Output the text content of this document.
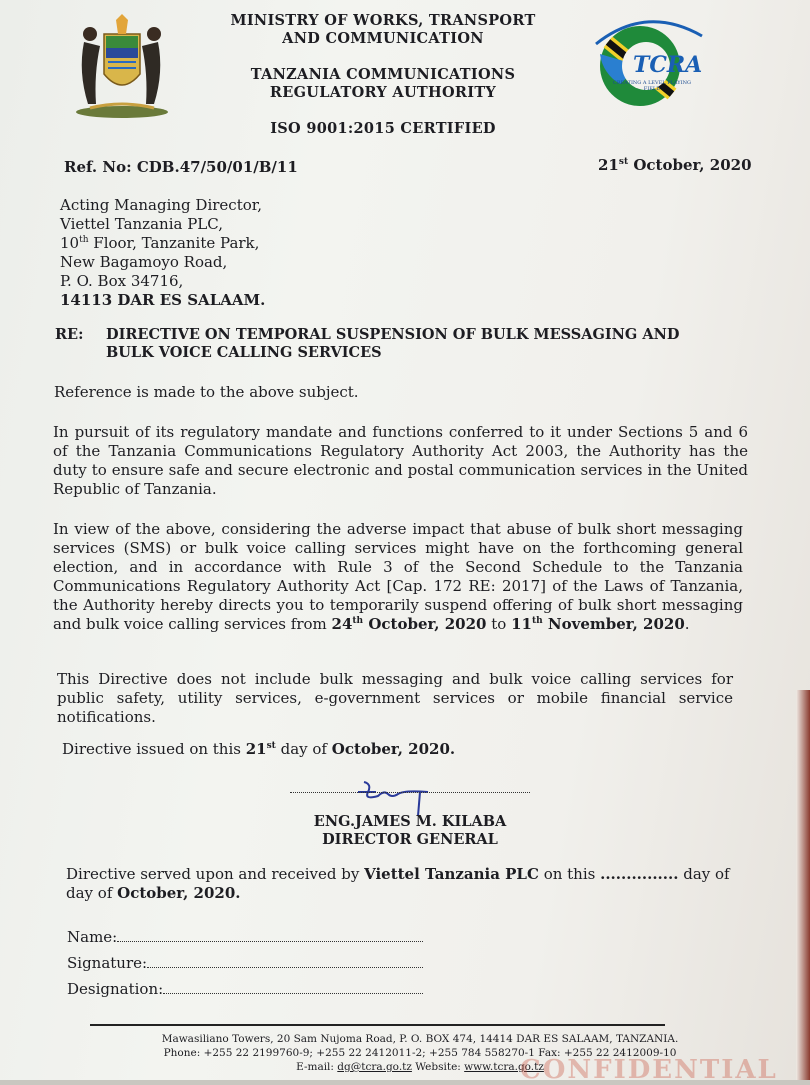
TCRA
CREATING A LEVEL PLAYING FIELD
MINISTRY OF WORKS, TRANSPORT
AND COMMUNICATION
TANZANIA COMMUNICATIONS
REGULATORY AUTHORITY
ISO 9001:2015 CERTIFIED
Ref. No: CDB.47/50/01/B/11	21st October, 2020
Acting Managing Director,
Viettel Tanzania PLC,
10th Floor, Tanzanite Park,
New Bagamoyo Road,
P. O. Box 34716,
14113 DAR ES SALAAM.
RE: DIRECTIVE ON TEMPORAL SUSPENSION OF BULK MESSAGING AND
BULK VOICE CALLING SERVICES
Reference is made to the above subject.
In pursuit of its regulatory mandate and functions conferred to it under Sections 5 and 6 of the Tanzania Communications Regulatory Authority Act 2003, the Authority has the duty to ensure safe and secure electronic and postal communication services in the United Republic of Tanzania.
In view of the above, considering the adverse impact that abuse of bulk short messaging services (SMS) or bulk voice calling services might have on the forthcoming general election, and in accordance with Rule 3 of the Second Schedule to the Tanzania Communications Regulatory Authority Act [Cap. 172 RE: 2017] of the Laws of Tanzania, the Authority hereby directs you to temporarily suspend offering of bulk short messaging and bulk voice calling services from 24th October, 2020 to 11th November, 2020.
This Directive does not include bulk messaging and bulk voice calling services for public safety, utility services, e-government services or mobile financial service notifications.
Directive issued on this 21st day of October, 2020.
ENG.JAMES M. KILABA
DIRECTOR GENERAL
Directive served upon and received by Viettel Tanzania PLC on this ............... day of
day of October, 2020.
Name:
Signature:
Designation:
Mawasiliano Towers, 20 Sam Nujoma Road, P. O. BOX 474, 14414 DAR ES SALAAM, TANZANIA.
Phone: +255 22 2199760-9; +255 22 2412011-2; +255 784 558270-1 Fax: +255 22 2412009-10
E-mail: dg@tcra.go.tz Website: www.tcra.go.tz
CONFIDENTIAL
